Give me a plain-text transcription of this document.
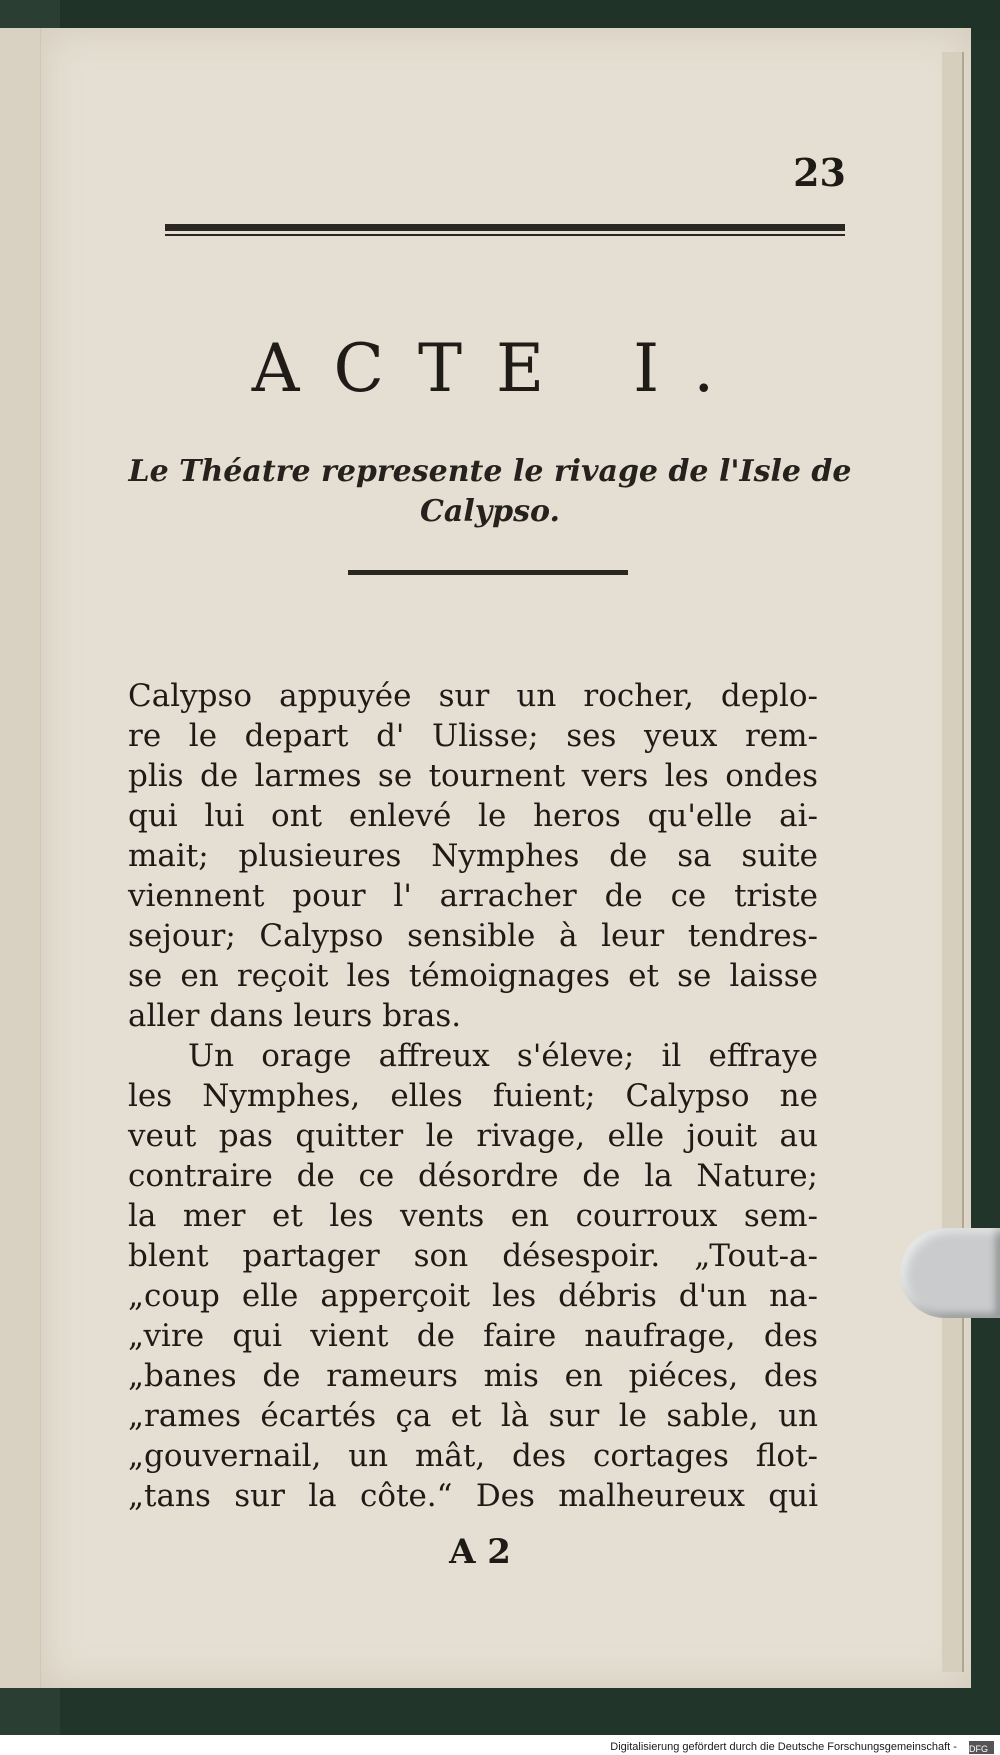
23
ACTE I.
Le Théatre represente le rivage de l'Isle de Calypso.
Calypso appuyée sur un rocher, deplo-
re le depart d' Ulisse; ses yeux rem-
plis de larmes se tournent vers les ondes
qui lui ont enlevé le heros qu'elle ai-
mait; plusieures Nymphes de sa suite
viennent pour l' arracher de ce triste
sejour; Calypso sensible à leur tendres-
se en reçoit les témoignages et se laisse
aller dans leurs bras.
Un orage affreux s'éleve; il effraye
les Nymphes, elles fuient; Calypso ne
veut pas quitter le rivage, elle jouit au
contraire de ce désordre de la Nature;
la mer et les vents en courroux sem-
blent partager son désespoir. „Tout-a-
„coup elle apperçoit les débris d'un na-
„vire qui vient de faire naufrage, des
„banes de rameurs mis en piéces, des
„rames écartés ça et là sur le sable, un
„gouvernail, un mât, des cortages flot-
„tans sur la côte.“ Des malheureux qui
A 2
Digitalisierung gefördert durch die Deutsche Forschungsgemeinschaft - DFG
